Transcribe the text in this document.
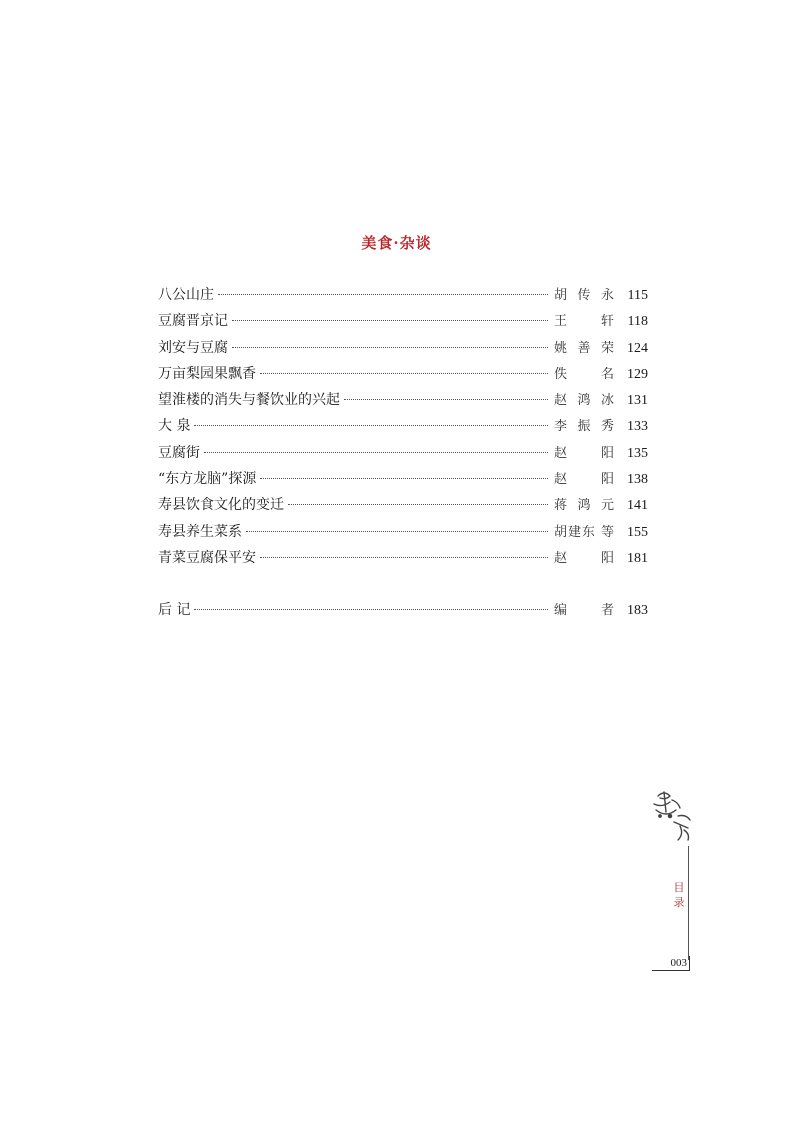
美食·杂谈
八公山庄	胡传永 115
豆腐晋京记	王 轩 118
刘安与豆腐	姚善荣 124
万亩梨园果飘香	佚 名 129
望淮楼的消失与餐饮业的兴起	赵鸿冰 131
大 泉	李振秀 133
豆腐街	赵 阳 135
“东方龙脑”探源	赵 阳 138
寿县饮食文化的变迁	蒋鸿元 141
寿县养生菜系	胡建东 等 155
青菜豆腐保平安	赵 阳 181
后 记	编 者 183
目录
003
